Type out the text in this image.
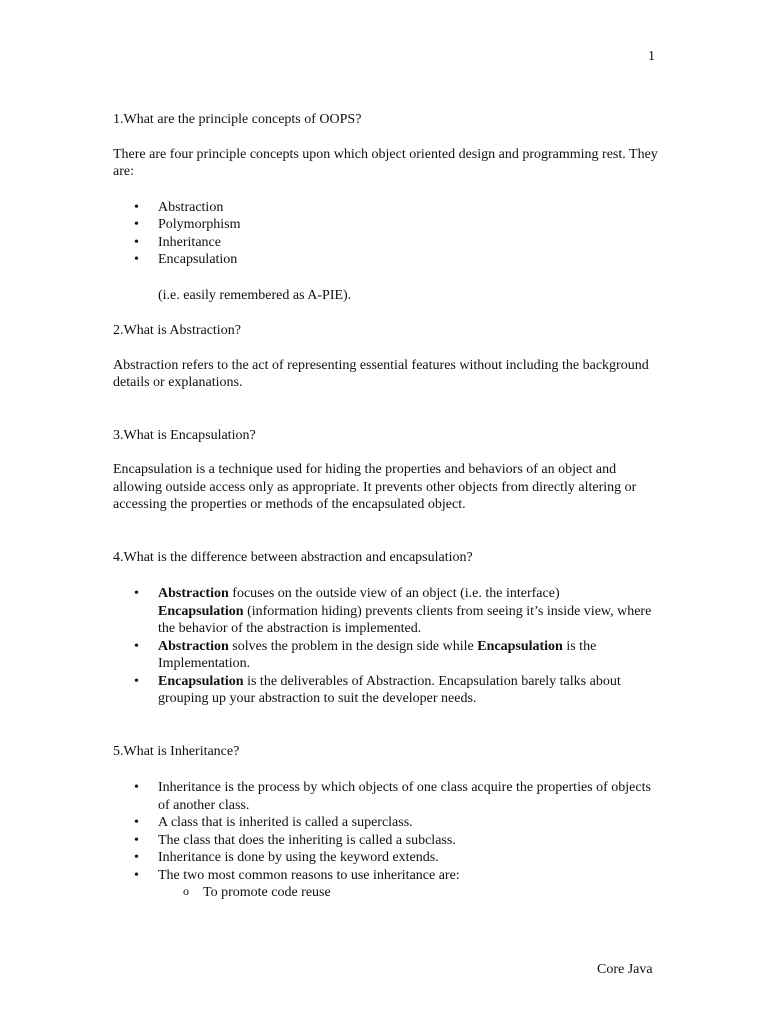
1

1.What are the principle concepts of OOPS?

There are four principle concepts upon which object oriented design and programming rest. They are:

• Abstraction
• Polymorphism
• Inheritance
• Encapsulation

(i.e. easily remembered as A-PIE).

2.What is Abstraction?

Abstraction refers to the act of representing essential features without including the background details or explanations.

3.What is Encapsulation?

Encapsulation is a technique used for hiding the properties and behaviors of an object and allowing outside access only as appropriate. It prevents other objects from directly altering or accessing the properties or methods of the encapsulated object.

4.What is the difference between abstraction and encapsulation?

• Abstraction focuses on the outside view of an object (i.e. the interface)
Encapsulation (information hiding) prevents clients from seeing it’s inside view, where the behavior of the abstraction is implemented.
• Abstraction solves the problem in the design side while Encapsulation is the Implementation.
• Encapsulation is the deliverables of Abstraction. Encapsulation barely talks about grouping up your abstraction to suit the developer needs.

5.What is Inheritance?

• Inheritance is the process by which objects of one class acquire the properties of objects of another class.
• A class that is inherited is called a superclass.
• The class that does the inheriting is called a subclass.
• Inheritance is done by using the keyword extends.
• The two most common reasons to use inheritance are:
o To promote code reuse
Core Java
